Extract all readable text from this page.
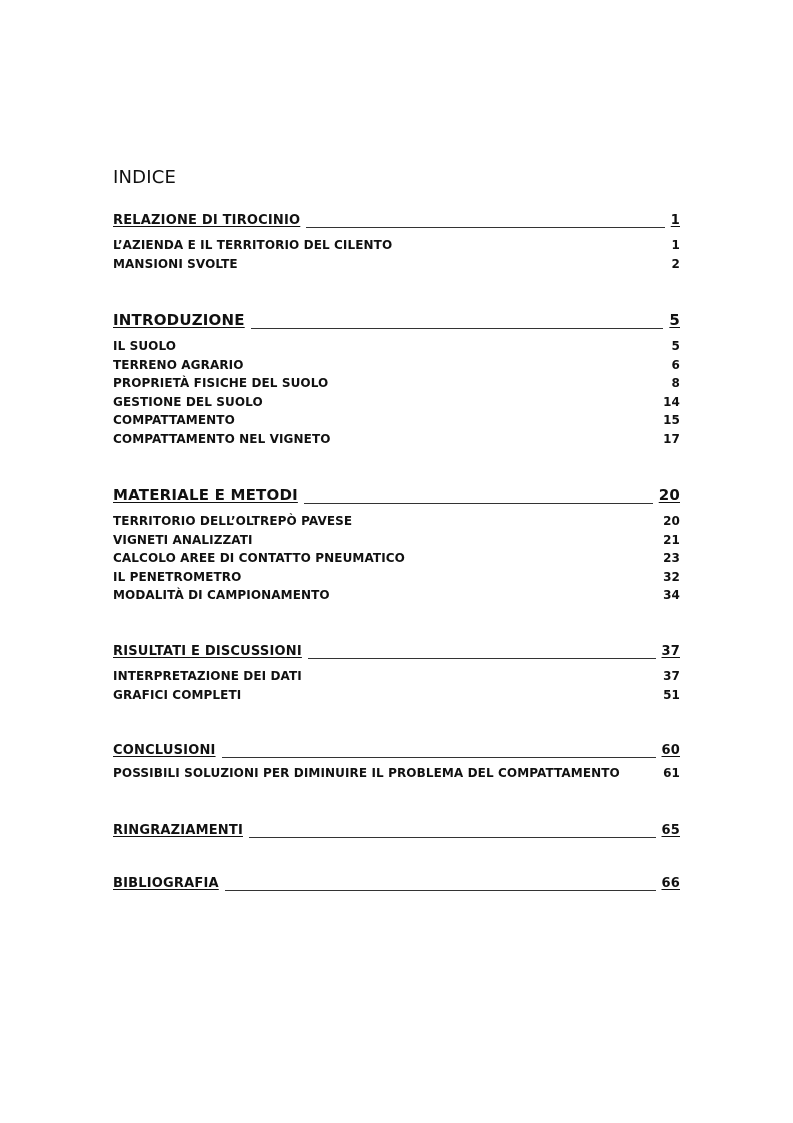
INDICE
RELAZIONE DI TIROCINIO	1
L’AZIENDA E IL TERRITORIO DEL CILENTO	1
MANSIONI SVOLTE	2
INTRODUZIONE	5
IL SUOLO	5
TERRENO AGRARIO	6
PROPRIETÀ FISICHE DEL SUOLO	8
GESTIONE DEL SUOLO	14
COMPATTAMENTO	15
COMPATTAMENTO NEL VIGNETO	17
MATERIALE E METODI	20
TERRITORIO DELL’OLTREPÒ PAVESE	20
VIGNETI ANALIZZATI	21
CALCOLO AREE DI CONTATTO PNEUMATICO	23
IL PENETROMETRO	32
MODALITÀ DI CAMPIONAMENTO	34
RISULTATI E DISCUSSIONI	37
INTERPRETAZIONE DEI DATI	37
GRAFICI COMPLETI	51
CONCLUSIONI	60
POSSIBILI SOLUZIONI PER DIMINUIRE IL PROBLEMA DEL COMPATTAMENTO	61
RINGRAZIAMENTI	65
BIBLIOGRAFIA	66
